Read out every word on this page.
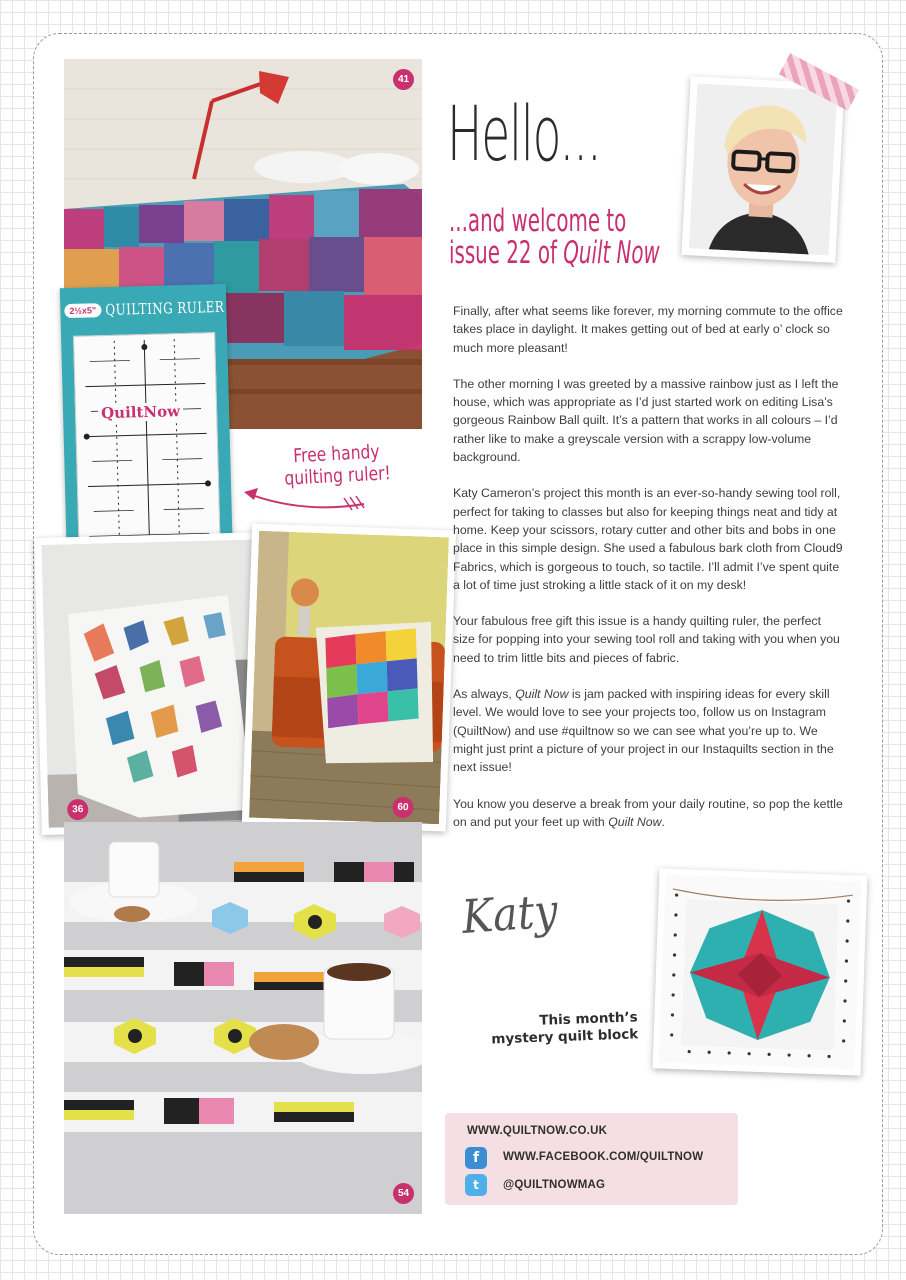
41
2½x5" QUILTING RULER
QuiltNow
Free handy quilting ruler!
36	60
54
Hello...
...and welcome to
issue 22 of Quilt Now

Finally, after what seems like forever, my morning commute to the office takes place in daylight. It makes getting out of bed at early o’ clock so much more pleasant!

The other morning I was greeted by a massive rainbow just as I left the house, which was appropriate as I’d just started work on editing Lisa’s gorgeous Rainbow Ball quilt. It’s a pattern that works in all colours – I’d rather like to make a greyscale version with a scrappy low-volume background.

Katy Cameron’s project this month is an ever-so-handy sewing tool roll, perfect for taking to classes but also for keeping things neat and tidy at home. Keep your scissors, rotary cutter and other bits and bobs in one place in this simple design. She used a fabulous bark cloth from Cloud9 Fabrics, which is gorgeous to touch, so tactile. I’ll admit I’ve spent quite a lot of time just stroking a little stack of it on my desk!

Your fabulous free gift this issue is a handy quilting ruler, the perfect size for popping into your sewing tool roll and taking with you when you need to trim little bits and pieces of fabric.

As always, Quilt Now is jam packed with inspiring ideas for every skill level. We would love to see your projects too, follow us on Instagram (QuiltNow) and use #quiltnow so we can see what you’re up to. We might just print a picture of your project in our Instaquilts section in the next issue!

You know you deserve a break from your daily routine, so pop the kettle on and put your feet up with Quilt Now.

Katy
This month’s mystery quilt block
WWW.QUILTNOW.CO.UK
f	WWW.FACEBOOK.COM/QUILTNOW
t	@QUILTNOWMAG
